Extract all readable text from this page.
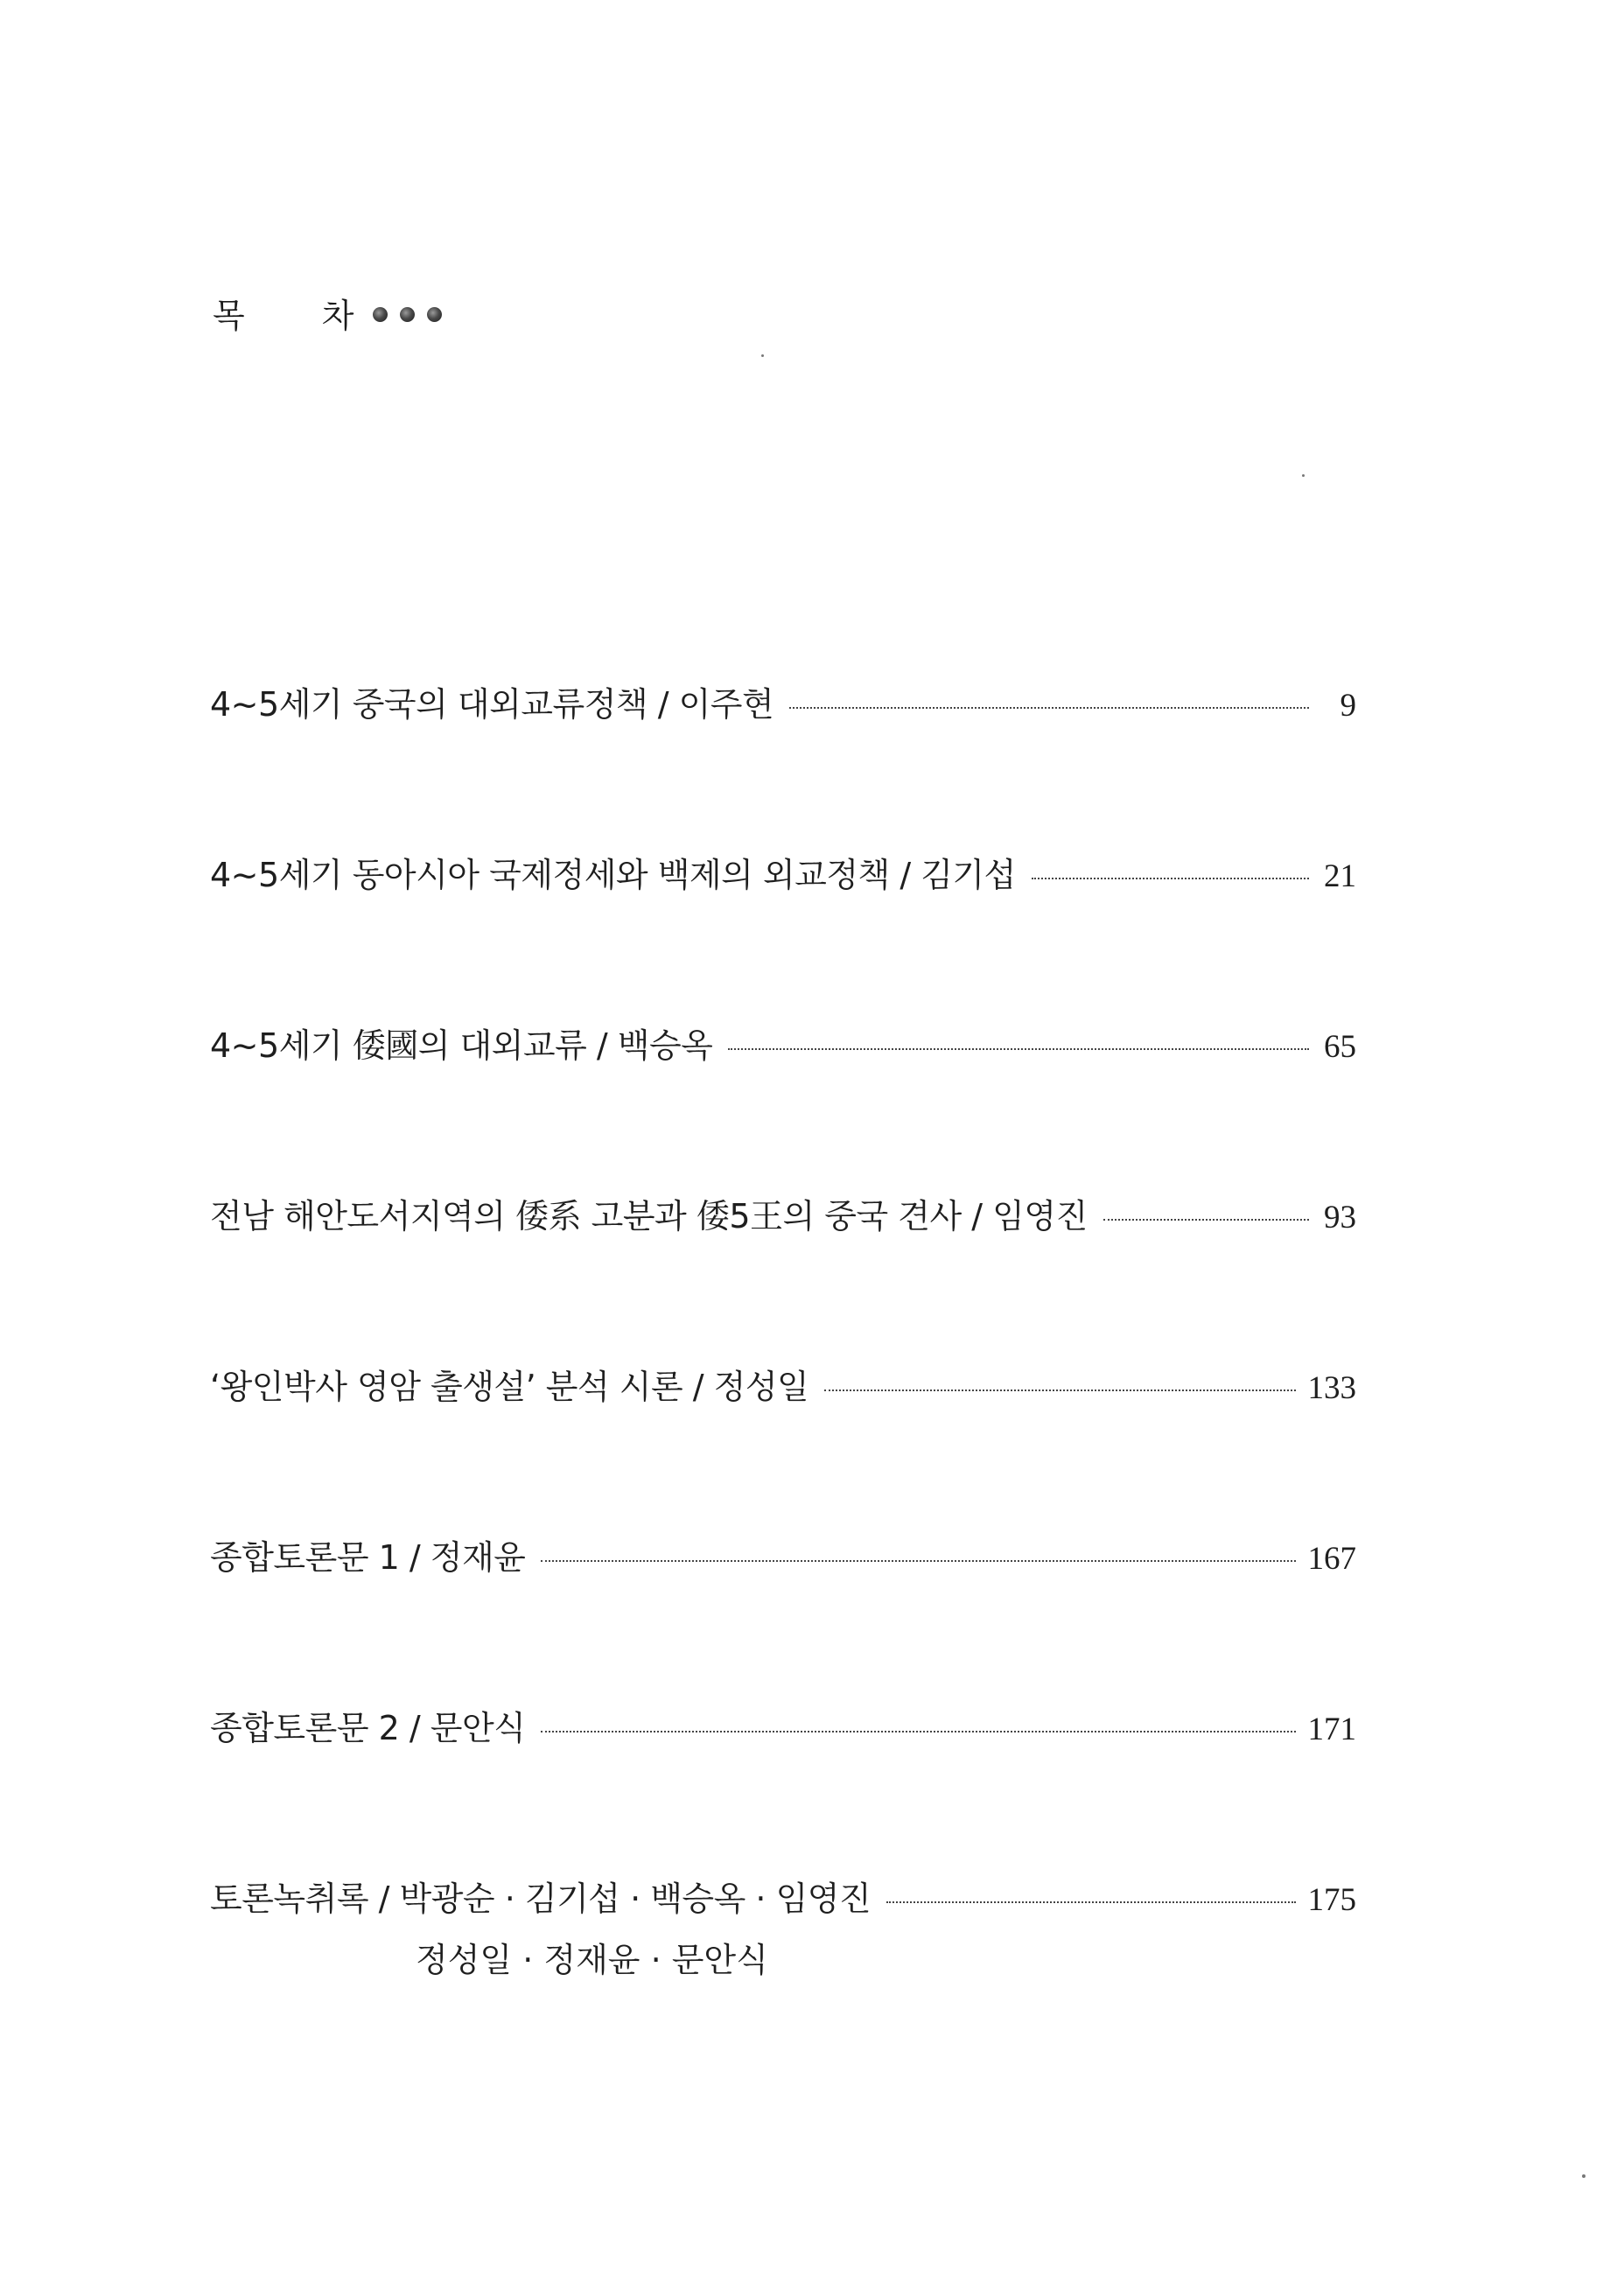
목 차
4~5세기 중국의 대외교류정책 / 이주현	9
4~5세기 동아시아 국제정세와 백제의 외교정책 / 김기섭	21
4~5세기 倭國의 대외교류 / 백승옥	65
전남 해안도서지역의 倭系 고분과 倭5王의 중국 견사 / 임영진	93
‘왕인박사 영암 출생설’ 분석 시론 / 정성일	133
종합토론문 1 / 정재윤	167
종합토론문 2 / 문안식	171
토론녹취록 / 박광순 · 김기섭 · 백승옥 · 임영진	175
정성일 · 정재윤 · 문안식
